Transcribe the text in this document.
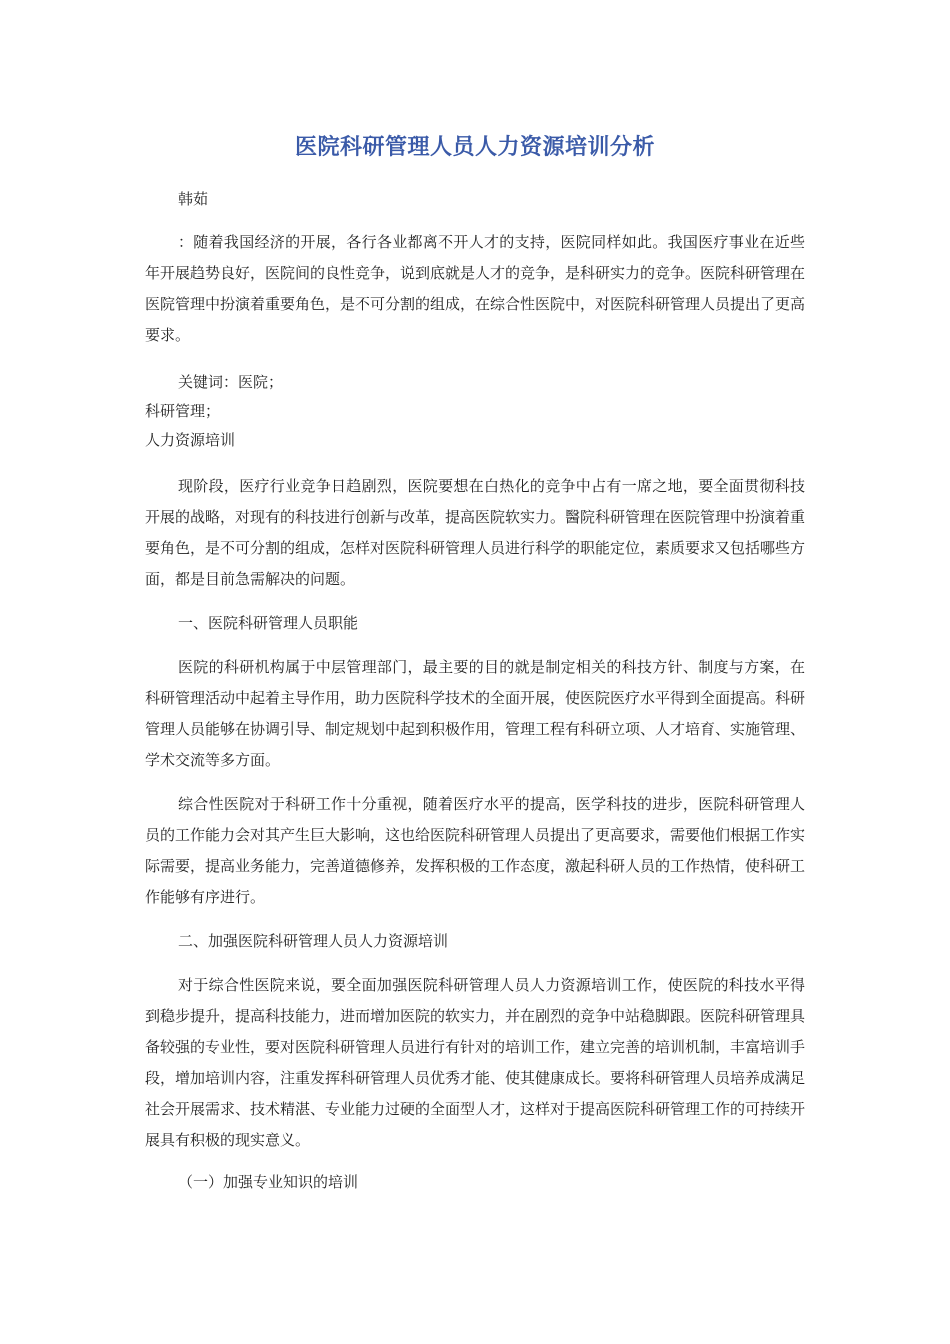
医院科研管理人员人力资源培训分析
韩茹
：随着我国经济的开展，各行各业都离不开人才的支持，医院同样如此。我国医疗事业在近些年开展趋势良好，医院间的良性竞争，说到底就是人才的竞争，是科研实力的竞争。医院科研管理在医院管理中扮演着重要角色，是不可分割的组成，在综合性医院中，对医院科研管理人员提出了更高要求。
关键词：医院；
科研管理；
人力资源培训
现阶段，医疗行业竞争日趋剧烈，医院要想在白热化的竞争中占有一席之地，要全面贯彻科技开展的战略，对现有的科技进行创新与改革，提高医院软实力。醫院科研管理在医院管理中扮演着重要角色，是不可分割的组成，怎样对医院科研管理人员进行科学的职能定位，素质要求又包括哪些方面，都是目前急需解决的问题。
一、医院科研管理人员职能
医院的科研机构属于中层管理部门，最主要的目的就是制定相关的科技方针、制度与方案，在科研管理活动中起着主导作用，助力医院科学技术的全面开展，使医院医疗水平得到全面提高。科研管理人员能够在协调引导、制定规划中起到积极作用，管理工程有科研立项、人才培育、实施管理、学术交流等多方面。
综合性医院对于科研工作十分重视，随着医疗水平的提高，医学科技的进步，医院科研管理人员的工作能力会对其产生巨大影响，这也给医院科研管理人员提出了更高要求，需要他们根据工作实际需要，提高业务能力，完善道德修养，发挥积极的工作态度，激起科研人员的工作热情，使科研工作能够有序进行。
二、加强医院科研管理人员人力资源培训
对于综合性医院来说，要全面加强医院科研管理人员人力资源培训工作，使医院的科技水平得到稳步提升，提高科技能力，进而增加医院的软实力，并在剧烈的竞争中站稳脚跟。医院科研管理具备较强的专业性，要对医院科研管理人员进行有针对的培训工作，建立完善的培训机制，丰富培训手段，增加培训内容，注重发挥科研管理人员优秀才能、使其健康成长。要将科研管理人员培养成满足社会开展需求、技术精湛、专业能力过硬的全面型人才，这样对于提高医院科研管理工作的可持续开展具有积极的现实意义。
（一）加强专业知识的培训
